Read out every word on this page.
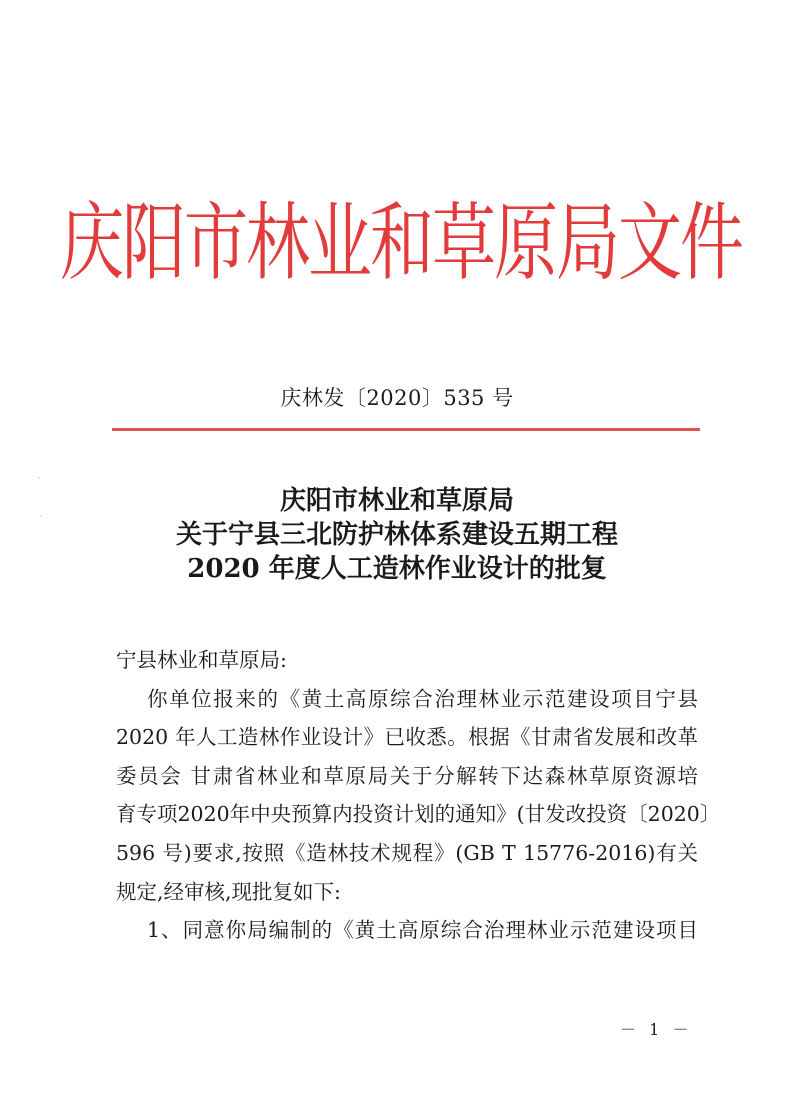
庆阳市林业和草原局文件
庆林发〔2020〕535 号
·
·
庆阳市林业和草原局
关于宁县三北防护林体系建设五期工程
2020 年度人工造林作业设计的批复

宁县林业和草原局:

你单位报来的《黄土高原综合治理林业示范建设项目宁县
2020 年人工造林作业设计》已收悉。根据《甘肃省发展和改革
委员会 甘肃省林业和草原局关于分解转下达森林草原资源培
育专项2020年中央预算内投资计划的通知》(甘发改投资〔2020〕
596 号)要求,按照《造林技术规程》(GB T 15776-2016)有关
规定,经审核,现批复如下:

1、同意你局编制的《黄土高原综合治理林业示范建设项目

－ 1 －
